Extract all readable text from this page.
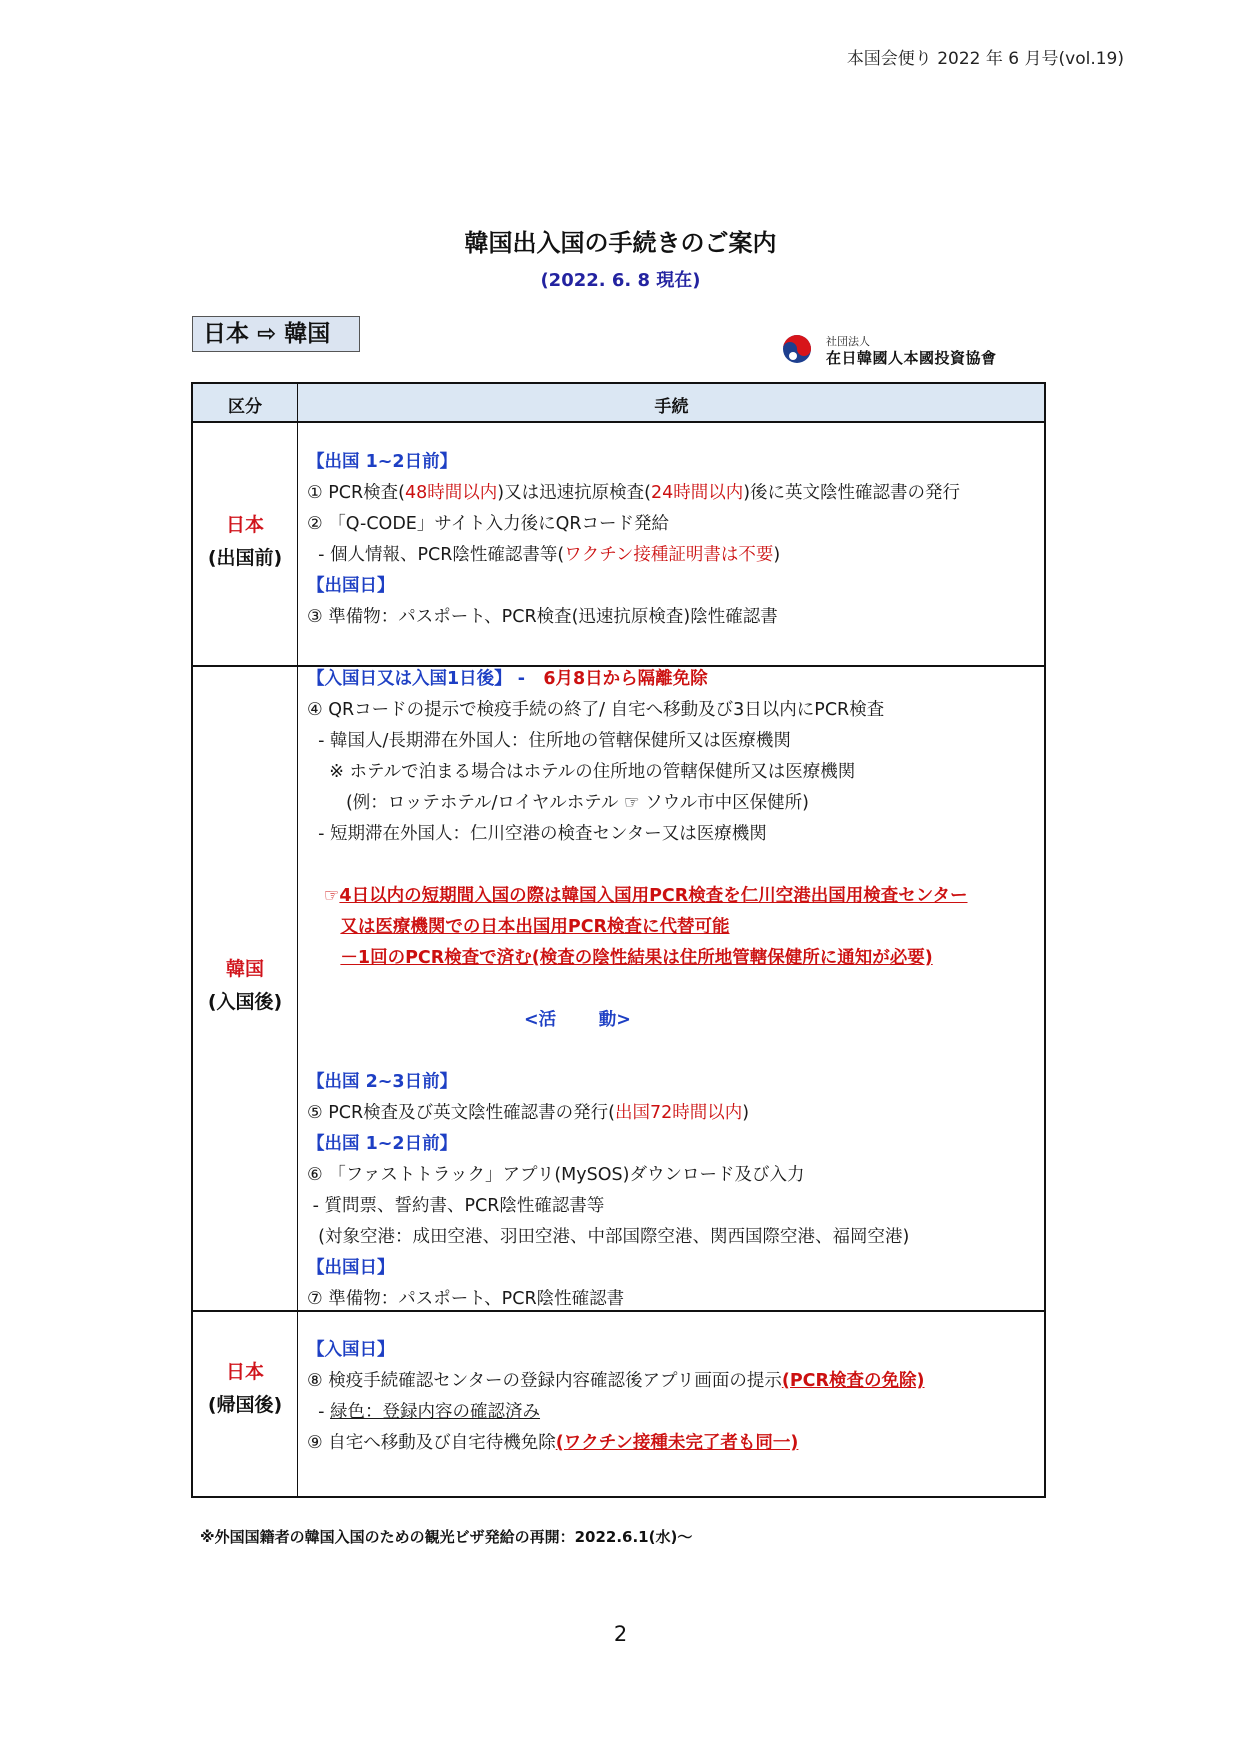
本国会便り 2022 年 6 月号(vol.19)
韓国出入国の手続きのご案内
(2022. 6. 8 現在)
日本 ⇨ 韓国	社団法人
在日韓國人本國投資協會
区分	手続
日本
(出国前)
【出国 1~2日前】
① PCR検査(48時間以内)又は迅速抗原検査(24時間以内)後に英文陰性確認書の発行
② 「Q-CODE」サイト入力後にQRコード発給
- 個人情報、PCR陰性確認書等(ワクチン接種証明書は不要)
【出国日】
③ 準備物：パスポート、PCR検査(迅速抗原検査)陰性確認書
韓国
(入国後)
【入国日又は入国1日後】 -   6月8日から隔離免除
④ QRコードの提示で検疫手続の終了/ 自宅へ移動及び3日以内にPCR検査
- 韓国人/長期滞在外国人：住所地の管轄保健所又は医療機関
※ ホテルで泊まる場合はホテルの住所地の管轄保健所又は医療機関
(例：ロッテホテル/ロイヤルホテル ☞ ソウル市中区保健所)
- 短期滞在外国人：仁川空港の検査センター又は医療機関
☞4日以内の短期間入国の際は韓国入国用PCR検査を仁川空港出国用検査センター
又は医療機関での日本出国用PCR検査に代替可能
－1回のPCR検査で済む(検査の陰性結果は住所地管轄保健所に通知が必要)
<活       動>
【出国 2~3日前】
⑤ PCR検査及び英文陰性確認書の発行(出国72時間以内)
【出国 1~2日前】
⑥ 「ファストトラック」アプリ(MySOS)ダウンロード及び入力
- 質問票、誓約書、PCR陰性確認書等
(対象空港：成田空港、羽田空港、中部国際空港、関西国際空港、福岡空港)
【出国日】
⑦ 準備物：パスポート、PCR陰性確認書
日本
(帰国後)
【入国日】
⑧ 検疫手続確認センターの登録内容確認後アプリ画面の提示(PCR検査の免除)
- 緑色：登録内容の確認済み
⑨ 自宅へ移動及び自宅待機免除(ワクチン接種未完了者も同一)
※外国国籍者の韓国入国のための観光ビザ発給の再開：2022.6.1(水)～
2
